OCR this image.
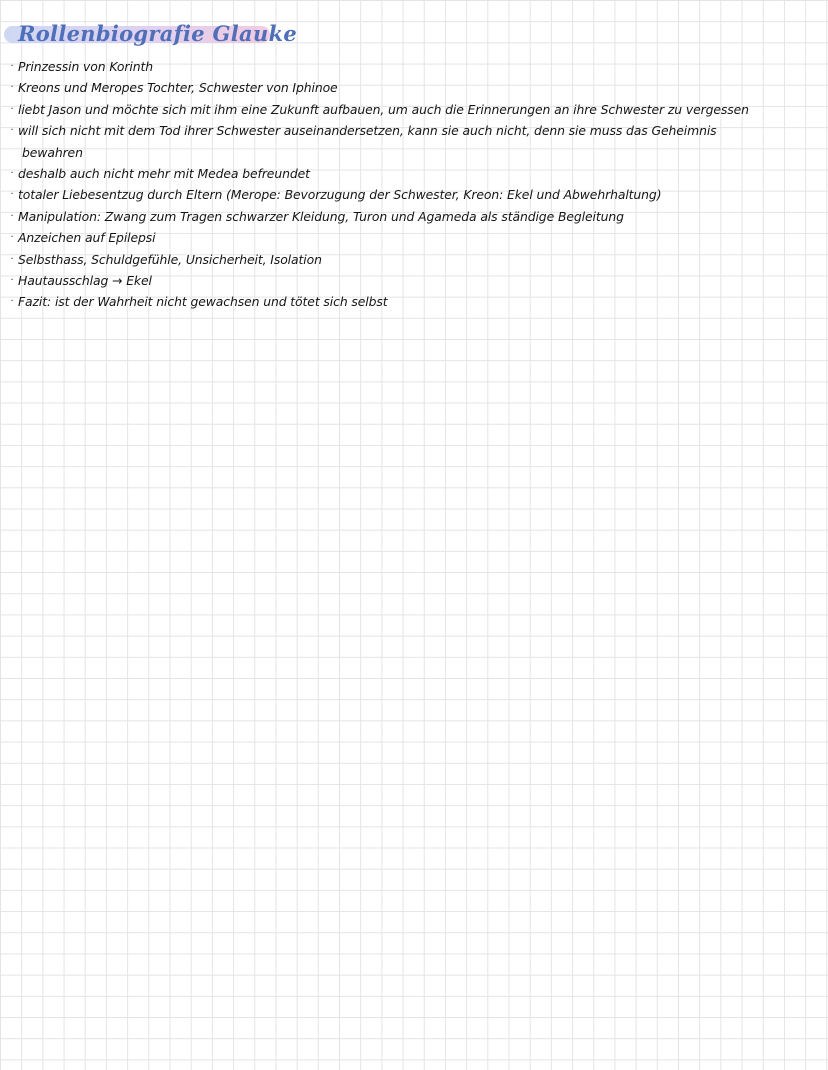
Rollenbiografie Glauke
· Prinzessin von Korinth
· Kreons und Meropes Tochter, Schwester von Iphinoe
· liebt Jason und möchte sich mit ihm eine Zukunft aufbauen, um auch die Erinnerungen an ihre Schwester zu vergessen
· will sich nicht mit dem Tod ihrer Schwester auseinandersetzen, kann sie auch nicht, denn sie muss das Geheimnis
bewahren
· deshalb auch nicht mehr mit Medea befreundet
· totaler Liebesentzug durch Eltern (Merope: Bevorzugung der Schwester, Kreon: Ekel und Abwehrhaltung)
· Manipulation: Zwang zum Tragen schwarzer Kleidung, Turon und Agameda als ständige Begleitung
· Anzeichen auf Epilepsi
· Selbsthass, Schuldgefühle, Unsicherheit, Isolation
· Hautausschlag → Ekel
· Fazit: ist der Wahrheit nicht gewachsen und tötet sich selbst
